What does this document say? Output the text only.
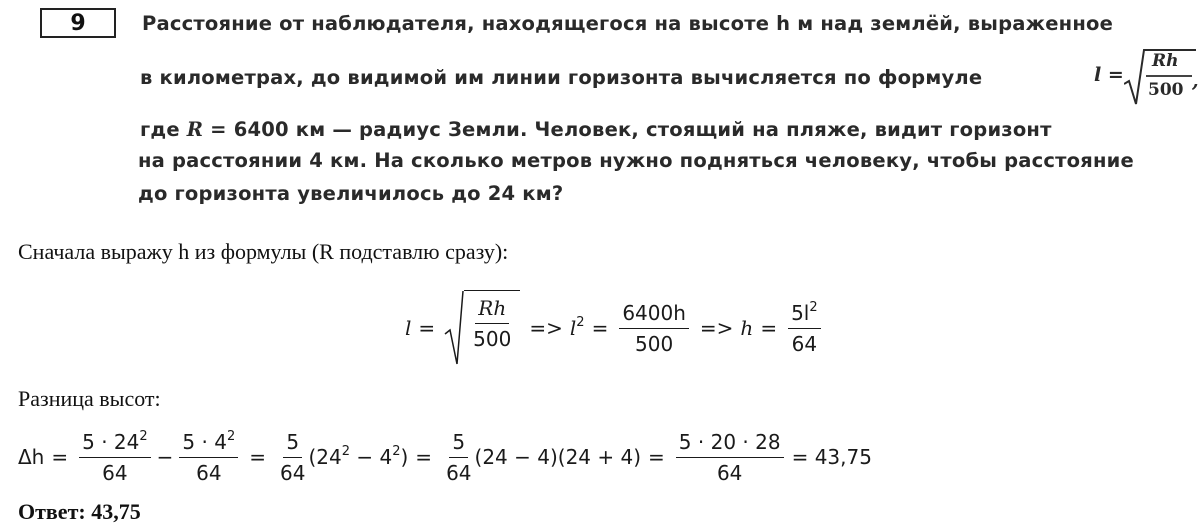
9	Расстояние от наблюдателя, находящегося на высоте h м над землёй, выраженное
в километрах, до видимой им линии горизонта вычисляется по формуле	l =
Rh
500 ,
где R = 6400 км — радиус Земли. Человек, стоящий на пляже, видит горизонт
на расстоянии 4 км. На сколько метров нужно подняться человеку, чтобы расстояние
до горизонта увеличилось до 24 км?
Сначала выражу h из формулы (R подставлю сразу):
$l = \frac{Rh}{500} => l^2 = \frac{6400h}{500} => h = \frac{5l^2}{64}$
Разница высот:
$\Delta h = \frac{5 \cdot 24^2}{64} - \frac{5 \cdot 4^2}{64} = \frac{5}{64} (24^2 - 4^2) = \frac{5}{64} (24 - 4)(24 + 4) = \frac{5 \cdot 20 \cdot 28}{64} = 43,75$
Ответ: 43,75
